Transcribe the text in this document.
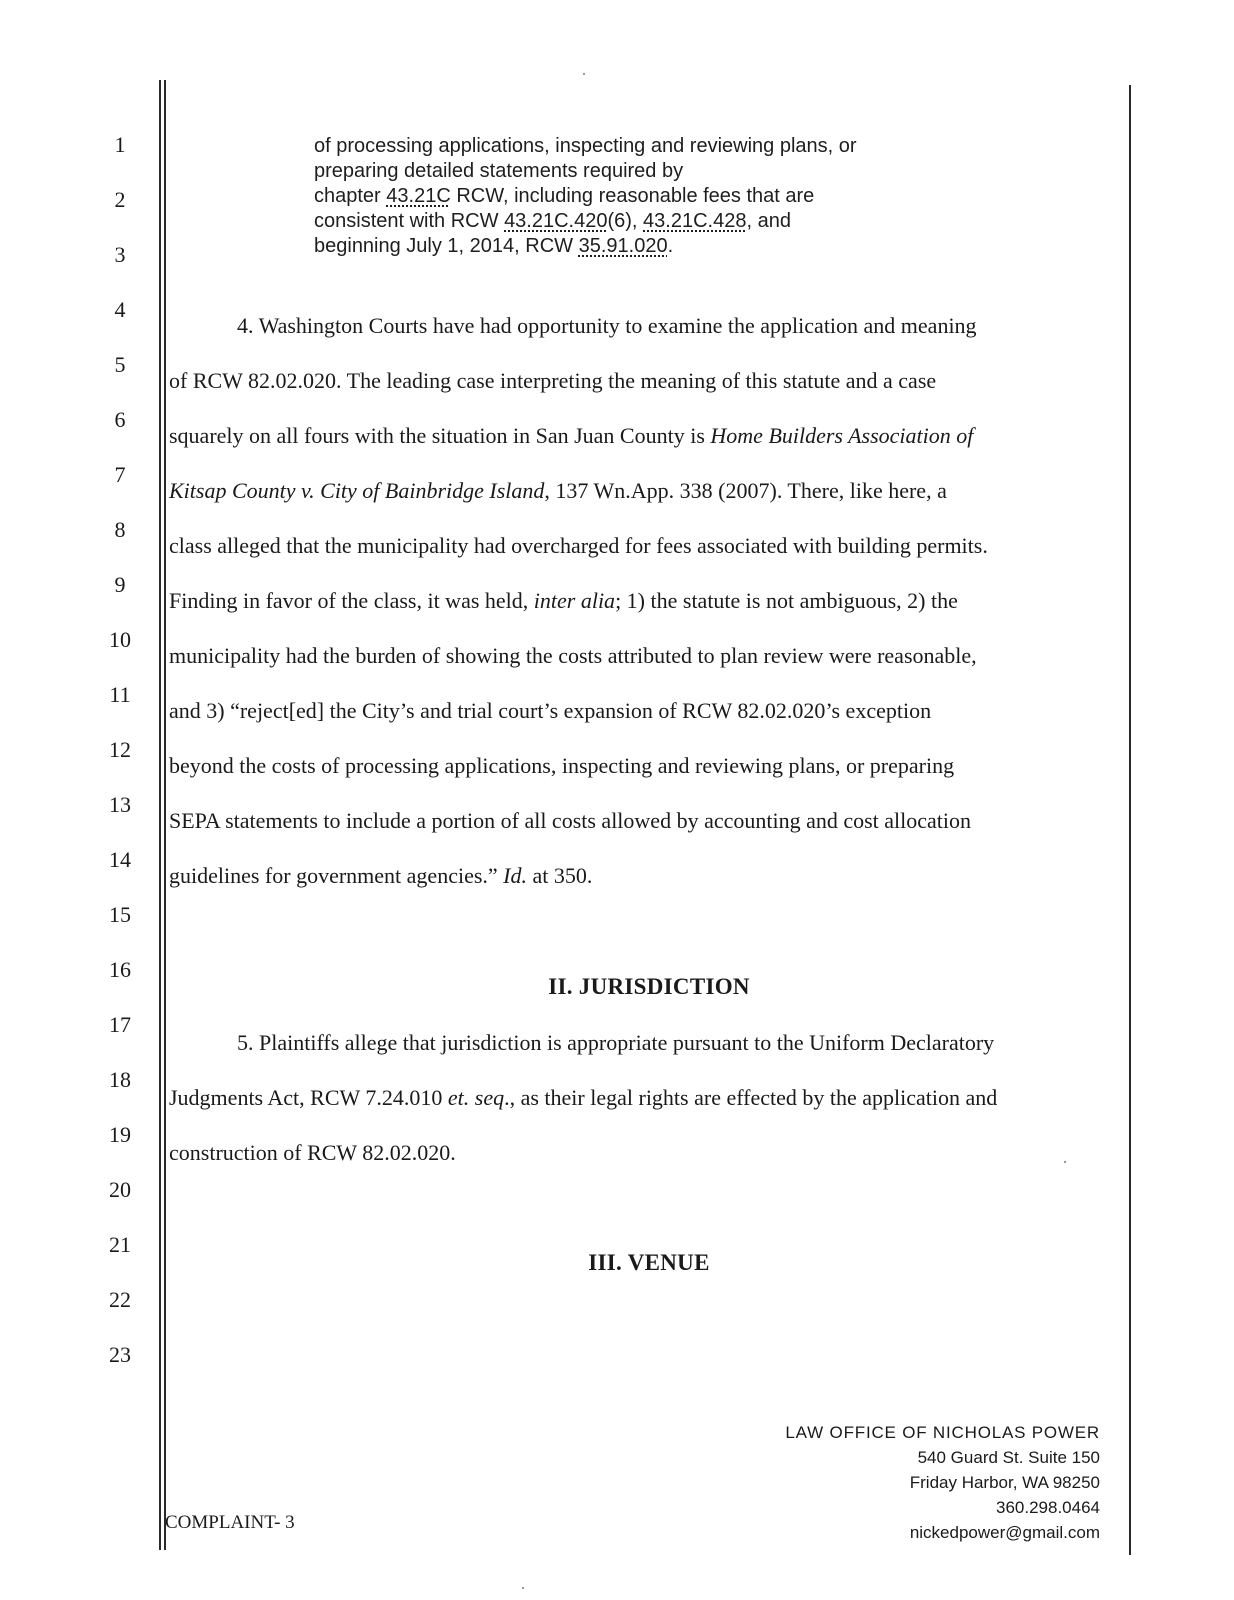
1
2
3
4
5
6
7
8
9
10
11
12
13
14
15
16
17
18
19
20
21
22
23
of processing applications, inspecting and reviewing plans, or
preparing detailed statements required by
chapter 43.21C RCW, including reasonable fees that are
consistent with RCW 43.21C.420(6), 43.21C.428, and
beginning July 1, 2014, RCW 35.91.020.
4. Washington Courts have had opportunity to examine the application and meaning
of RCW 82.02.020. The leading case interpreting the meaning of this statute and a case
squarely on all fours with the situation in San Juan County is Home Builders Association of
Kitsap County v. City of Bainbridge Island, 137 Wn.App. 338 (2007). There, like here, a
class alleged that the municipality had overcharged for fees associated with building permits.
Finding in favor of the class, it was held, inter alia; 1) the statute is not ambiguous, 2) the
municipality had the burden of showing the costs attributed to plan review were reasonable,
and 3) “reject[ed] the City’s and trial court’s expansion of RCW 82.02.020’s exception
beyond the costs of processing applications, inspecting and reviewing plans, or preparing
SEPA statements to include a portion of all costs allowed by accounting and cost allocation
guidelines for government agencies.” Id. at 350.
II. JURISDICTION
5. Plaintiffs allege that jurisdiction is appropriate pursuant to the Uniform Declaratory
Judgments Act, RCW 7.24.010 et. seq., as their legal rights are effected by the application and
construction of RCW 82.02.020.
III. VENUE
COMPLAINT- 3
LAW OFFICE OF NICHOLAS POWER
540 Guard St. Suite 150
Friday Harbor, WA 98250
360.298.0464
nickedpower@gmail.com
